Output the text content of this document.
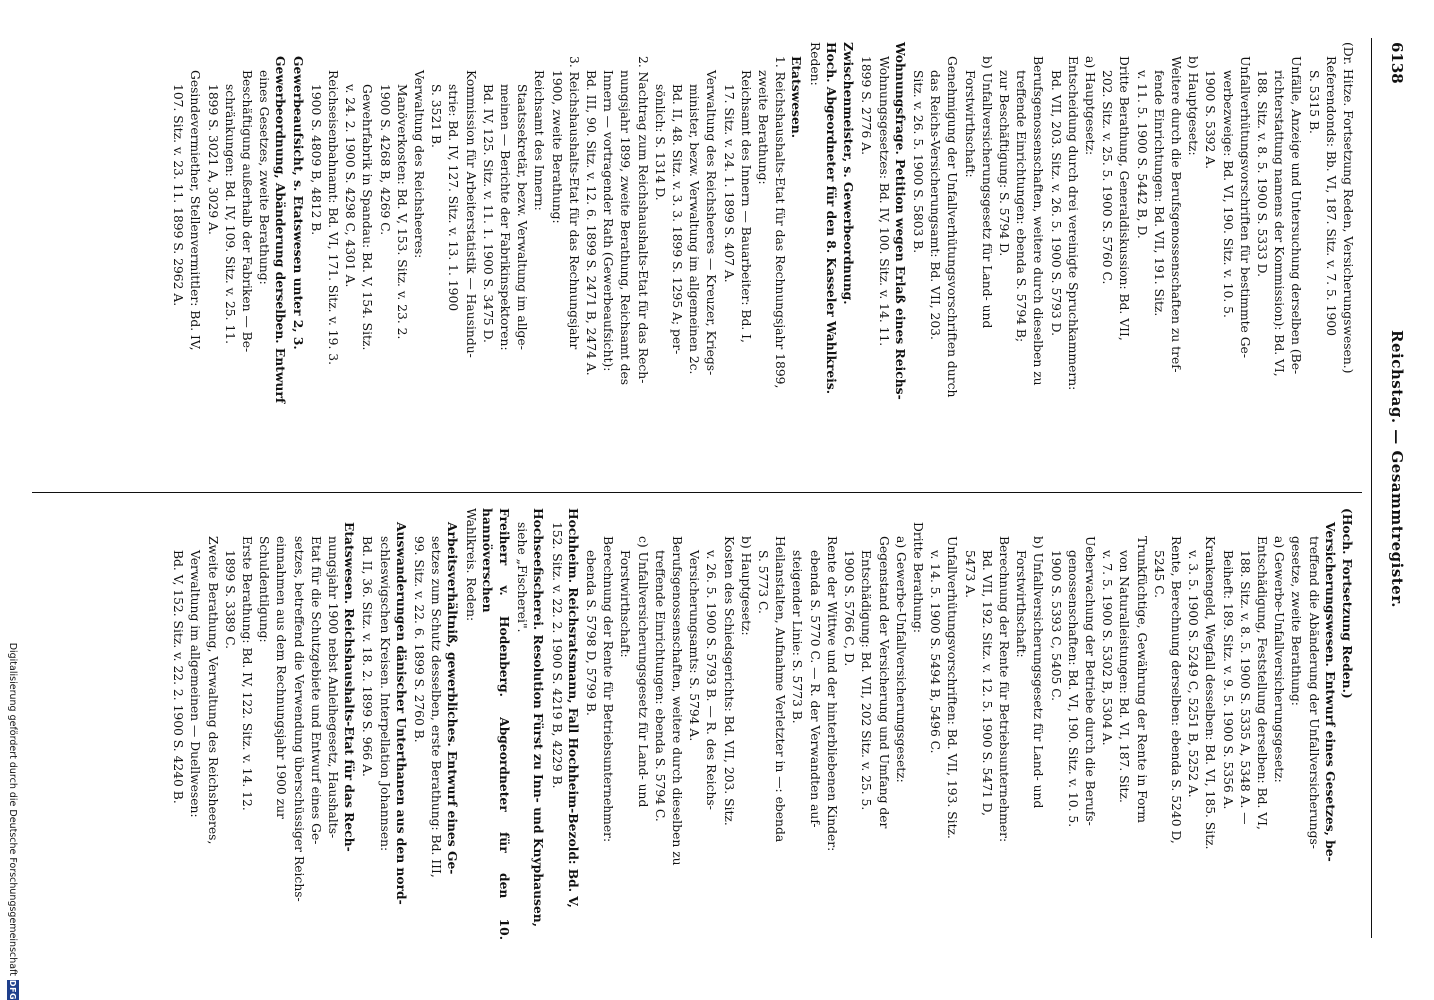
6138
Reichstag. — Gesammtregister.
(Dr. Hitze. Fortsetzung Reden, Versicherungswesen.)
Referendonds: Bb. VI, 187. Sitz. v. 7. 5. 1900
S. 5315 B.
Unfälle, Anzeige und Untersuchung derselben (Be-
richterstattung namens der Kommission): Bd. VI,
188. Sitz. v. 8. 5. 1900 S. 5333 D.
Unfallverhütungsvorschriften für bestimmte Ge-
werbezweige: Bd. VI, 190. Sitz. v. 10. 5.
1900 S. 5392 A.
b) Hauptgesetz:
Weitere durch die Berufsgenossenschaften zu tref-
fende Einrichtungen: Bd. VII, 191. Sitz.
v. 11. 5. 1900 S. 5442 B, D.
Dritte Berathung, Generaldiskussion: Bd. VII,
202. Sitz. v. 25. 5. 1900 S. 5760 C.
a) Hauptgesetz:
Entscheidung durch drei vereinigte Spruchkammern:
Bd. VII, 203. Sitz. v. 26. 5. 1900 S. 5793 D.
Berufsgenossenschaften, weitere durch dieselben zu
treffende Einrichtungen: ebenda S. 5794 B;
zur Beschäftigung: S. 5794 D.
b) Unfallversicherungsgesetz für Land- und
Forstwirthschaft:
Genehmigung der Unfallverhütungsvorschriften durch
das Reichs-Versicherungsamt: Bd. VII, 203.
Sitz. v. 26. 5. 1900 S. 5803 B.
Wohnungsfrage. Petition wegen Erlaß eines Reichs-
Wohnungsgesetzes: Bd. IV, 100. Sitz. v. 14. 11.
1899 S. 2776 A.
Zwischenmeister, s. Gewerbeordnung.
Hoch. Abgeordneter für den 8. Kasseler Wahlkreis.
Reden:
Etatswesen.
1. Reichshaushalts-Etat für das Rechnungsjahr 1899,
zweite Berathung:
Reichsamt des Innern — Bauarbeiter: Bd. I,
17. Sitz. v. 24. 1. 1899 S. 407 A.
Verwaltung des Reichsheeres — Kreuzer, Kriegs-
minister, bezw. Verwaltung im allgemeinen 2c.
Bd. II, 48. Sitz. v. 3. 3. 1899 S. 1295 A; per-
sönlich: S. 1314 D.
2. Nachtrag zum Reichshaushalts-Etat für das Rech-
nungsjahr 1899, zweite Berathung, Reichsamt des
Innern — vortragender Rath (Gewerbeaufsicht):
Bd. III, 90. Sitz. v. 12. 6. 1899 S. 2471 B, 2474 A.
3. Reichshaushalts-Etat für das Rechnungsjahr
1900, zweite Berathung:
Reichsamt des Innern:
Staatssekretär, bezw. Verwaltung im allge-
meinen — Berichte der Fabrikinspektoren:
Bd. IV, 125. Sitz. v. 11. 1. 1900 S. 3475 D.
Kommission für Arbeiterstatistik — Hausindu-
strie: Bd. IV, 127. Sitz. v. 13. 1. 1900
S. 3521 B.
Verwaltung des Reichsheeres:
Manöverkosten: Bd. V, 153. Sitz. v. 23. 2.
1900 S. 4268 B, 4269 C.
Gewehrfabrik in Spandau: Bd. V, 154. Sitz.
v. 24. 2. 1900 S. 4298 C, 4301 A.
Reichseisenbahnamt: Bd. VI, 171. Sitz. v. 19. 3.
1900 S. 4809 B, 4812 B.
Gewerbeaufsicht, s. Etatswesen unter 2, 3.
Gewerbeordnung, Abänderung derselben. Entwurf
eines Gesetzes, zweite Berathung:
Beschäftigung außerhalb der Fabriken — Be-
schränkungen: Bd. IV, 109. Sitz. v. 25. 11.
1899 S. 3021 A, 3029 A.
Gesindevermiether, Stellenvermittler: Bd. IV,
107. Sitz. v. 23. 11. 1899 S. 2962 A.
(Hoch. Fortsetzung Reden.)
Versicherungswesen. Entwurf eines Gesetzes, be-
treffend die Abänderung der Unfallversicherungs-
gesetze, zweite Berathung:
a) Gewerbe-Unfallversicherungsgesetz:
Entschädigung, Feststellung derselben: Bd. VI,
188. Sitz. v. 8. 5. 1900 S. 5335 A, 5348 A. —
Beiheft: 189. Sitz. v. 9. 5. 1900 S. 5356 A.
Krankengeld, Wegfall desselben: Bd. VI, 185. Sitz.
v. 3. 5. 1900 S. 5249 C, 5251 B, 5252 A.
Rente, Berechnung derselben: ebenda S. 5240 D,
5245 C.
Trunkfüchtige, Gewährung der Rente in Form
von Naturalleistungen: Bd. VI, 187. Sitz.
v. 7. 5. 1900 S. 5302 B, 5304 A.
Ueberwachung der Betriebe durch die Berufs-
genossenschaften: Bd. VI, 190. Sitz. v. 10. 5.
1900 S. 5393 C, 5405 C.
b) Unfallversicherungsgesetz für Land- und
Forstwirthschaft:
Berechnung der Rente für Betriebsunternehmer:
Bd. VII, 192. Sitz. v. 12. 5. 1900 S. 5471 D,
5473 A.
Unfallverhütungsvorschriften: Bd. VII, 193. Sitz.
v. 14. 5. 1900 S. 5494 B, 5496 C.
Dritte Berathung:
a) Gewerbe-Unfallversicherungsgesetz:
Gegenstand der Versicherung und Umfang der
Entschädigung: Bd. VII, 202 Sitz. v. 25. 5.
1900 S. 5766 C, D.
Rente der Wittwe und der hinterbliebenen Kinder:
ebenda S. 5770 C. — R. der Verwandten auf-
steigender Linie: S. 5773 B.
Heilanstalten, Aufnahme Verletzter in —: ebenda
S. 5773 C.
b) Hauptgesetz:
Kosten des Schiedsgerichts: Bd. VII, 203. Sitz.
v. 26. 5. 1900 S. 5793 B. — R. des Reichs-
Versicherungsamts: S. 5794 A.
Berufsgenossenschaften, weitere durch dieselben zu
treffende Einrichtungen: ebenda S. 5794 C.
c) Unfallversicherungsgesetz für Land- und
Forstwirthschaft:
Berechnung der Rente für Betriebsunternehmer:
ebenda S. 5798 D, 5799 B.
Hochheim. Reichsratsmann, Fall Hochheim-Bezold: Bd. V,
152. Sitz. v. 22. 2. 1900 S. 4219 B, 4229 B.
Hochseefischerei. Resolution Fürst zu Inn- und Knyphausen,
siehe „Fischerei".
Freiherr v. Hodenberg. Abgeordneter für den 10. hannöverschen
Wahlkreis. Reden:
Arbeitsverhältniß, gewerbliches. Entwurf eines Ge-
setzes zum Schutz desselben, erste Berathung: Bd. III,
99. Sitz. v. 22. 6. 1899 S. 2760 B.
Auswanderungen dänischer Unterthanen aus den nord-
schleswigschen Kreisen. Interpellation Johannsen:
Bd. II, 36. Sitz. v. 18. 2. 1899 S. 966 A.
Etatswesen. Reichshaushalts-Etat für das Rech-
nungsjahr 1900 nebst Anleihegesetz, Haushalts-
Etat für die Schutzgebiete und Entwurf eines Ge-
setzes, betreffend die Verwendung überschüssiger Reichs-
einnahmen aus dem Rechnungsjahr 1900 zur
Schuldentilgung:
Erste Berathung: Bd. IV, 122. Sitz. v. 14. 12.
1899 S. 3389 C.
Zweite Berathung, Verwaltung des Reichsheeres,
Verwaltung im allgemeinen — Duellwesen:
Bd. V, 152. Sitz. v. 22. 2. 1900 S. 4240 B.
Digitalisierung gefördert durch die Deutsche Forschungsgemeinschaft
DFG
